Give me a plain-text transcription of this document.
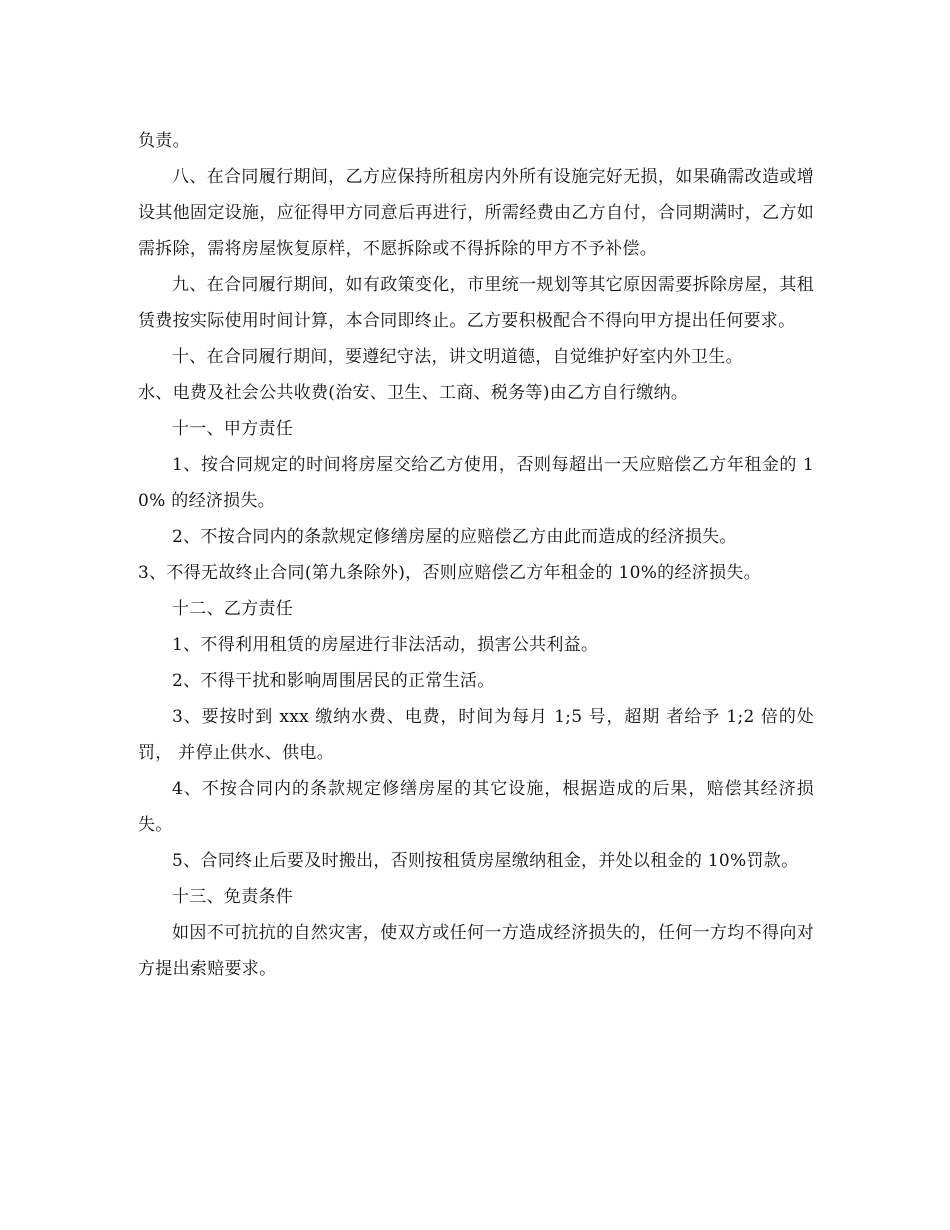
负责。

八、在合同履行期间，乙方应保持所租房内外所有设施完好无损，如果确需改造或增设其他固定设施，应征得甲方同意后再进行，所需经费由乙方自付，合同期满时，乙方如需拆除，需将房屋恢复原样，不愿拆除或不得拆除的甲方不予补偿。

九、在合同履行期间，如有政策变化，市里统一规划等其它原因需要拆除房屋，其租赁费按实际使用时间计算，本合同即终止。乙方要积极配合不得向甲方提出任何要求。

十、在合同履行期间，要遵纪守法，讲文明道德，自觉维护好室内外卫生。

水、电费及社会公共收费(治安、卫生、工商、税务等)由乙方自行缴纳。

十一、甲方责任

1、按合同规定的时间将房屋交给乙方使用，否则每超出一天应赔偿乙方年租金的 10% 的经济损失。

2、不按合同内的条款规定修缮房屋的应赔偿乙方由此而造成的经济损失。

3、不得无故终止合同(第九条除外)，否则应赔偿乙方年租金的 10%的经济损失。

十二、乙方责任

1、不得利用租赁的房屋进行非法活动，损害公共利益。

2、不得干扰和影响周围居民的正常生活。

3、要按时到 xxx 缴纳水费、电费，时间为每月 1;5 号，超期 者给予 1;2 倍的处罚， 并停止供水、供电。

4、不按合同内的条款规定修缮房屋的其它设施，根据造成的后果，赔偿其经济损失。

5、合同终止后要及时搬出，否则按租赁房屋缴纳租金，并处以租金的 10%罚款。

十三、免责条件

如因不可抗抗的自然灾害，使双方或任何一方造成经济损失的，任何一方均不得向对方提出索赔要求。
